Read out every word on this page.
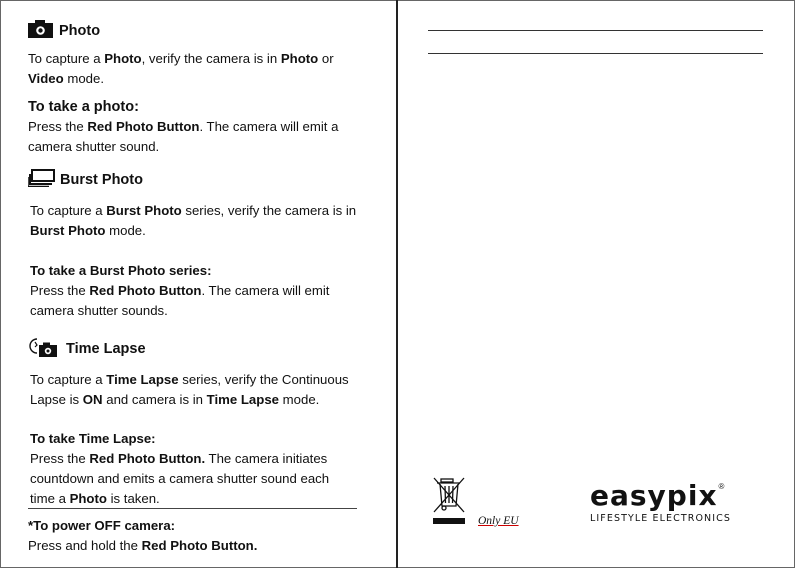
Photo
To capture a Photo, verify the camera is in Photo or Video mode.
To take a photo:
Press the Red Photo Button. The camera will emit a camera shutter sound.
Burst Photo
To capture a Burst Photo series, verify the camera is in Burst Photo mode.
To take a Burst Photo series:
Press the Red Photo Button. The camera will emit camera shutter sounds.
Time Lapse
To capture a Time Lapse series, verify the Continuous Lapse is ON and camera is in Time Lapse mode.
To take Time Lapse:
Press the Red Photo Button. The camera initiates countdown and emits a camera shutter sound each time a Photo is taken.
*To power OFF camera:
Press and hold the Red Photo Button.
Only EU
easypix ®
LIFESTYLE ELECTRONICS
